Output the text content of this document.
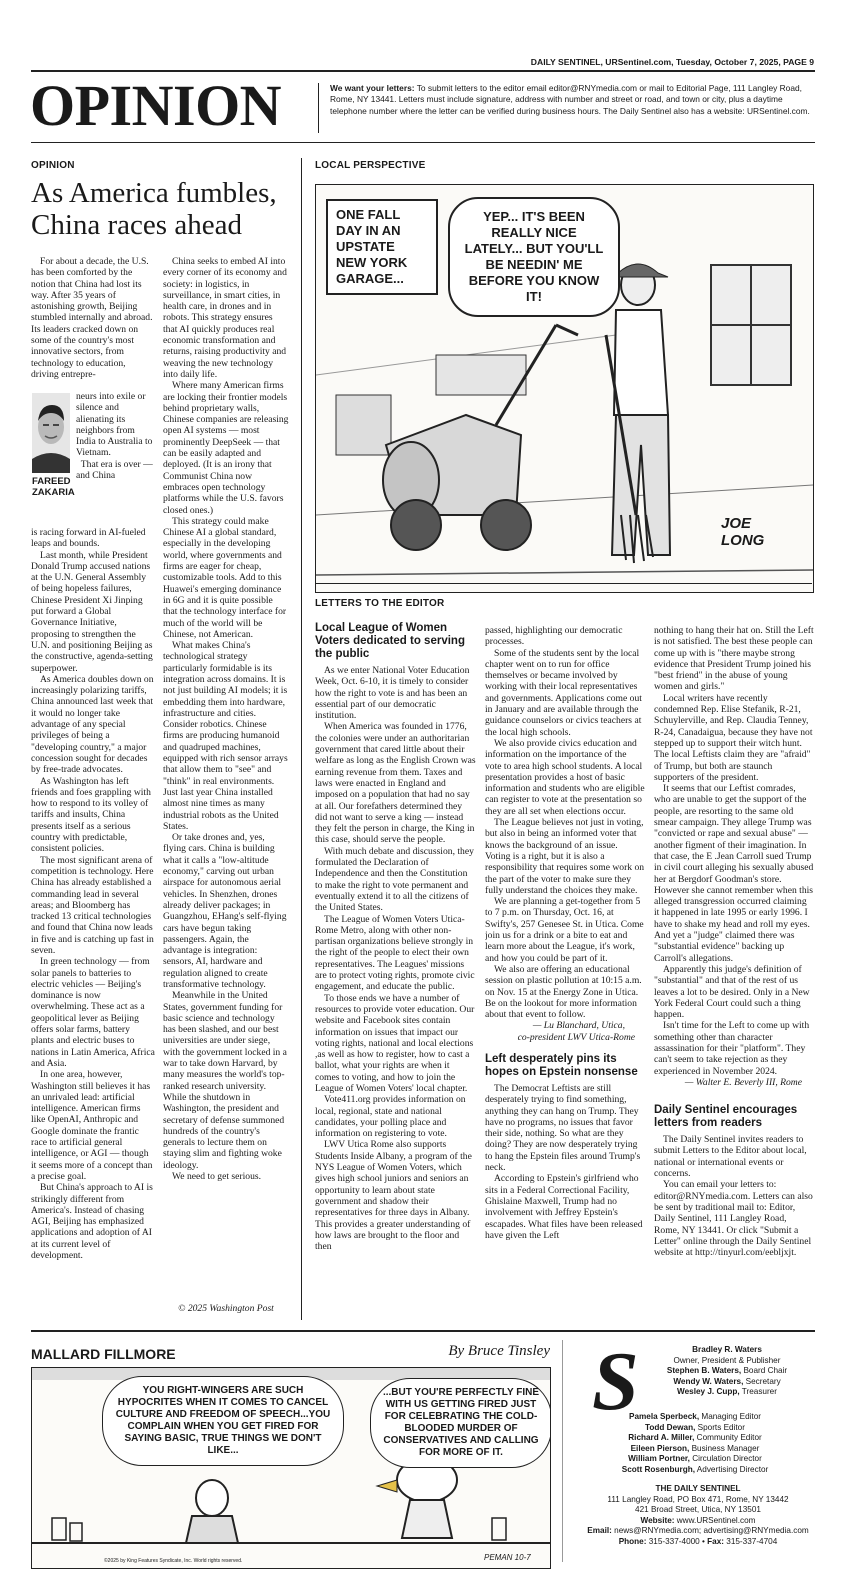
DAILY SENTINEL, URSentinel.com, Tuesday, October 7, 2025, PAGE 9
OPINION	We want your letters: To submit letters to the editor email editor@RNYmedia.com or mail to Editorial Page, 111 Langley Road, Rome, NY 13441. Letters must include signature, address with number and street or road, and town or city, plus a daytime telephone number where the letter can be verified during business hours. The Daily Sentinel also has a website: URSentinel.com.
OPINION
As America fumbles, China races ahead
FAREED ZAKARIA

For about a decade, the U.S. has been comforted by the notion that China had lost its way. After 35 years of astonishing growth, Beijing stumbled internally and abroad. Its leaders cracked down on some of the country's most innovative sectors, from technology to education, driving entrepre-

neurs into exile or silence and alienating its neighbors from India to Australia to Vietnam.
That era is over — and China

is racing forward in AI-fueled leaps and bounds.

Last month, while President Donald Trump accused nations at the U.N. General Assembly of being hopeless failures, Chinese President Xi Jinping put forward a Global Governance Initiative, proposing to strengthen the U.N. and positioning Beijing as the constructive, agenda-setting superpower.

As America doubles down on increasingly polarizing tariffs, China announced last week that it would no longer take advantage of any special privileges of being a "developing country," a major concession sought for decades by free-trade advocates.

As Washington has left friends and foes grappling with how to respond to its volley of tariffs and insults, China presents itself as a serious country with predictable, consistent policies.

The most significant arena of competition is technology. Here China has already established a commanding lead in several areas; and Bloomberg has tracked 13 critical technologies and found that China now leads in five and is catching up fast in seven.

In green technology — from solar panels to batteries to electric vehicles — Beijing's dominance is now overwhelming. These act as a geopolitical lever as Beijing offers solar farms, battery plants and electric buses to nations in Latin America, Africa and Asia.

In one area, however, Washington still believes it has an unrivaled lead: artificial intelligence. American firms like OpenAI, Anthropic and Google dominate the frantic race to artificial general intelligence, or AGI — though it seems more of a concept than a precise goal.

But China's approach to AI is strikingly different from America's. Instead of chasing AGI, Beijing has emphasized applications and adoption of AI at its current level of development.

China seeks to embed AI into every corner of its economy and society: in logistics, in surveillance, in smart cities, in health care, in drones and in robots. This strategy ensures that AI quickly produces real economic transformation and returns, raising productivity and weaving the new technology into daily life.

Where many American firms are locking their frontier models behind proprietary walls, Chinese companies are releasing open AI systems — most prominently DeepSeek — that can be easily adapted and deployed. (It is an irony that Communist China now embraces open technology platforms while the U.S. favors closed ones.)

This strategy could make Chinese AI a global standard, especially in the developing world, where governments and firms are eager for cheap, customizable tools. Add to this Huawei's emerging dominance in 6G and it is quite possible that the technology interface for much of the world will be Chinese, not American.

What makes China's technological strategy particularly formidable is its integration across domains. It is not just building AI models; it is embedding them into hardware, infrastructure and cities. Consider robotics. Chinese firms are producing humanoid and quadruped machines, equipped with rich sensor arrays that allow them to "see" and "think" in real environments. Just last year China installed almost nine times as many industrial robots as the United States.

Or take drones and, yes, flying cars. China is building what it calls a "low-altitude economy," carving out urban airspace for autonomous aerial vehicles. In Shenzhen, drones already deliver packages; in Guangzhou, EHang's self-flying cars have begun taking passengers. Again, the advantage is integration: sensors, AI, hardware and regulation aligned to create transformative technology.

Meanwhile in the United States, government funding for basic science and technology has been slashed, and our best universities are under siege, with the government locked in a war to take down Harvard, by many measures the world's top-ranked research university. While the shutdown in Washington, the president and secretary of defense summoned hundreds of the country's generals to lecture them on staying slim and fighting woke ideology.

We need to get serious.

© 2025 Washington Post
LOCAL PERSPECTIVE
ONE FALL DAY IN AN UPSTATE NEW YORK GARAGE...
YEP... IT'S BEEN REALLY NICE LATELY... BUT YOU'LL BE NEEDIN' ME BEFORE YOU KNOW IT!
JOE LONG
LETTERS TO THE EDITOR
Local League of Women Voters dedicated to serving the public

As we enter National Voter Education Week, Oct. 6-10, it is timely to consider how the right to vote is and has been an essential part of our democratic institution.

When America was founded in 1776, the colonies were under an authoritarian government that cared little about their welfare as long as the English Crown was earning revenue from them. Taxes and laws were enacted in England and imposed on a population that had no say at all. Our forefathers determined they did not want to serve a king — instead they felt the person in charge, the King in this case, should serve the people.

With much debate and discussion, they formulated the Declaration of Independence and then the Constitution to make the right to vote permanent and eventually extend it to all the citizens of the United States.

The League of Women Voters Utica-Rome Metro, along with other non-partisan organizations believe strongly in the right of the people to elect their own representatives. The Leagues' missions are to protect voting rights, promote civic engagement, and educate the public.

To those ends we have a number of resources to provide voter education. Our website and Facebook sites contain information on issues that impact our voting rights, national and local elections ,as well as how to register, how to cast a ballot, what your rights are when it comes to voting, and how to join the League of Women Voters' local chapter.

Vote411.org provides information on local, regional, state and national candidates, your polling place and information on registering to vote.

LWV Utica Rome also supports Students Inside Albany, a program of the NYS League of Women Voters, which gives high school juniors and seniors an opportunity to learn about state government and shadow their representatives for three days in Albany. This provides a greater understanding of how laws are brought to the floor and then

passed, highlighting our democratic processes.

Some of the students sent by the local chapter went on to run for office themselves or became involved by working with their local representatives and governments. Applications come out in January and are available through the guidance counselors or civics teachers at the local high schools.

We also provide civics education and information on the importance of the vote to area high school students. A local presentation provides a host of basic information and students who are eligible can register to vote at the presentation so they are all set when elections occur.

The League believes not just in voting, but also in being an informed voter that knows the background of an issue. Voting is a right, but it is also a responsibility that requires some work on the part of the voter to make sure they fully understand the choices they make.

We are planning a get-together from 5 to 7 p.m. on Thursday, Oct. 16, at Swifty's, 257 Genesee St. in Utica. Come join us for a drink or a bite to eat and learn more about the League, it's work, and how you could be part of it.

We also are offering an educational session on plastic pollution at 10:15 a.m. on Nov. 15 at the Energy Zone in Utica. Be on the lookout for more information about that event to follow.

— Lu Blanchard, Utica,
co-president LWV Utica-Rome
Left desperately pins its hopes on Epstein nonsense

The Democrat Leftists are still desperately trying to find something, anything they can hang on Trump. They have no programs, no issues that favor their side, nothing. So what are they doing? They are now desperately trying to hang the Epstein files around Trump's neck.

According to Epstein's girlfriend who sits in a Federal Correctional Facility, Ghislaine Maxwell, Trump had no involvement with Jeffrey Epstein's escapades. What files have been released have given the Left

nothing to hang their hat on. Still the Left is not satisfied. The best these people can come up with is "there maybe strong evidence that President Trump joined his "best friend" in the abuse of young women and girls."

Local writers have recently condemned Rep. Elise Stefanik, R-21, Schuylerville, and Rep. Claudia Tenney, R-24, Canadaigua, because they have not stepped up to support their witch hunt. The local Leftists claim they are "afraid" of Trump, but both are staunch supporters of the president.

It seems that our Leftist comrades, who are unable to get the support of the people, are resorting to the same old smear campaign. They allege Trump was "convicted or rape and sexual abuse" — another figment of their imagination. In that case, the E .Jean Carroll sued Trump in civil court alleging his sexually abused her at Bergdorf Goodman's store. However she cannot remember when this alleged transgression occurred claiming it happened in late 1995 or early 1996. I have to shake my head and roll my eyes. And yet a "judge" claimed there was "substantial evidence" backing up Carroll's allegations.

Apparently this judge's definition of "substantial" and that of the rest of us leaves a lot to be desired. Only in a New York Federal Court could such a thing happen.

Isn't time for the Left to come up with something other than character assassination for their "platform". They can't seem to take rejection as they experienced in November 2024.

— Walter E. Beverly III, Rome
Daily Sentinel encourages letters from readers

The Daily Sentinel invites readers to submit Letters to the Editor about local, national or international events or concerns.

You can email your letters to: editor@RNYmedia.com. Letters can also be sent by traditional mail to: Editor, Daily Sentinel, 111 Langley Road, Rome, NY 13441. Or click "Submit a Letter" online through the Daily Sentinel website at http://tinyurl.com/eebljxjt.

MALLARD FILLMORE	By Bruce Tinsley
YOU RIGHT-WINGERS ARE SUCH HYPOCRITES WHEN IT COMES TO CANCEL CULTURE AND FREEDOM OF SPEECH...YOU COMPLAIN WHEN YOU GET FIRED FOR SAYING BASIC, TRUE THINGS WE DON'T LIKE...
...BUT YOU'RE PERFECTLY FINE WITH US GETTING FIRED JUST FOR CELEBRATING THE COLD-BLOODED MURDER OF CONSERVATIVES AND CALLING FOR MORE OF IT.
©2025 by King Features Syndicate, Inc. World rights reserved.	PEMAN 10-7
S	Bradley R. Waters
Owner, President & Publisher
Stephen B. Waters, Board Chair
Wendy W. Waters, Secretary
Wesley J. Cupp, Treasurer
Pamela Sperbeck, Managing Editor
Todd Dewan, Sports Editor
Richard A. Miller, Community Editor
Eileen Pierson, Business Manager
William Portner, Circulation Director
Scott Rosenburgh, Advertising Director
THE DAILY SENTINEL
111 Langley Road, PO Box 471, Rome, NY 13442
421 Broad Street, Utica, NY 13501
Website: www.URSentinel.com
Email: news@RNYmedia.com; advertising@RNYmedia.com
Phone: 315-337-4000 • Fax: 315-337-4704
